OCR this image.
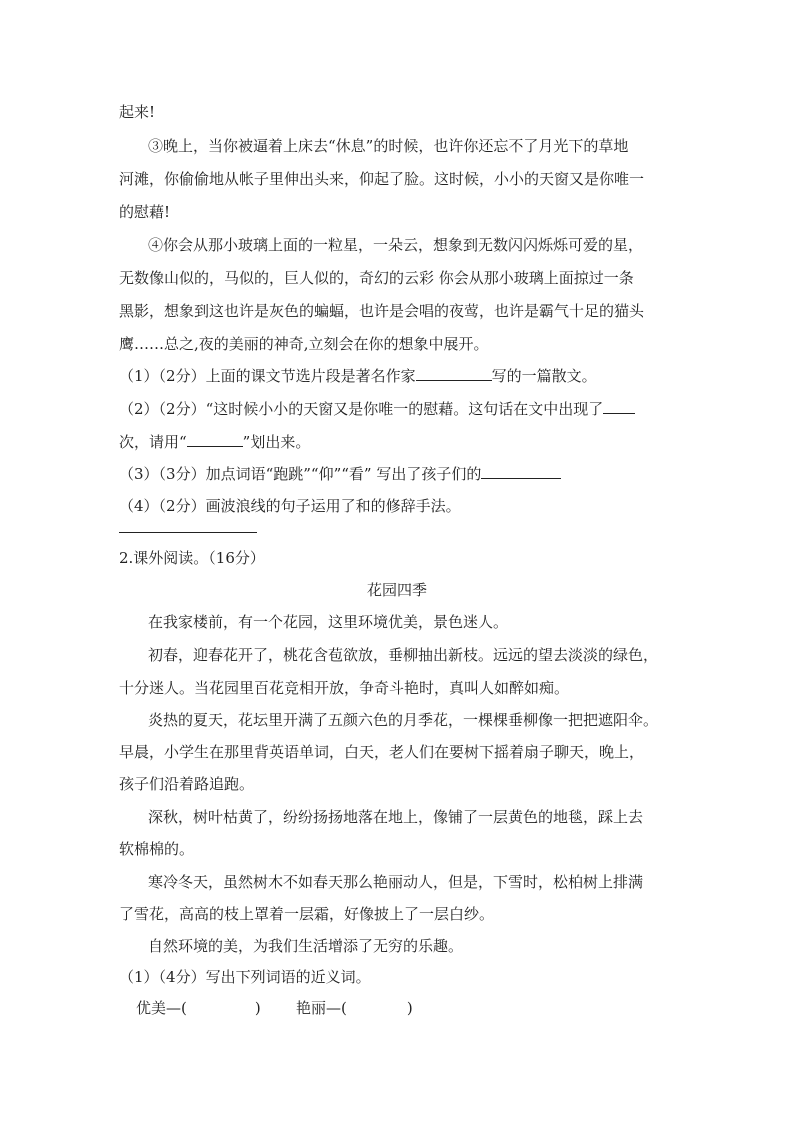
起来!
③晚上，当你被逼着上床去“休息”的时候，也许你还忘不了月光下的草地
河滩，你偷偷地从帐子里伸出头来，仰起了脸。这时候，小小的天窗又是你唯一
的慰藉!
④你会从那小玻璃上面的一粒星，一朵云，想象到无数闪闪烁烁可爱的星，
无数像山似的，马似的，巨人似的，奇幻的云彩 你会从那小玻璃上面掠过一条
黑影，想象到这也许是灰色的蝙蝠，也许是会唱的夜莺，也许是霸气十足的猫头
鹰……总之,夜的美丽的神奇,立刻会在你的想象中展开。
（1）（2分）上面的课文节选片段是著名作家	写的一篇散文。
（2）（2分）“这时候小小的天窗又是你唯一的慰藉。这句话在文中出现了
次，请用“	”划出来。
（3）（3分）加点词语“跑跳”“仰”“看” 写出了孩子们的
（4）（2分）画波浪线的句子运用了和的修辞手法。
2.课外阅读。（16分）
花园四季
在我家楼前，有一个花园，这里环境优美，景色迷人。
初春，迎春花开了，桃花含苞欲放，垂柳抽出新枝。远远的望去淡淡的绿色，
十分迷人。当花园里百花竞相开放，争奇斗艳时，真叫人如醉如痴。
炎热的夏天，花坛里开满了五颜六色的月季花，一棵棵垂柳像一把把遮阳伞。
早晨，小学生在那里背英语单词，白天，老人们在要树下摇着扇子聊天，晚上，
孩子们沿着路追跑。
深秋，树叶枯黄了，纷纷扬扬地落在地上，像铺了一层黄色的地毯，踩上去
软棉棉的。
寒冷冬天，虽然树木不如春天那么艳丽动人，但是，下雪时，松柏树上排满
了雪花，高高的枝上罩着一层霜，好像披上了一层白纱。
自然环境的美，为我们生活增添了无穷的乐趣。
（1）（4分）写出下列词语的近义词。
优美—(	) 艳丽—(	)
